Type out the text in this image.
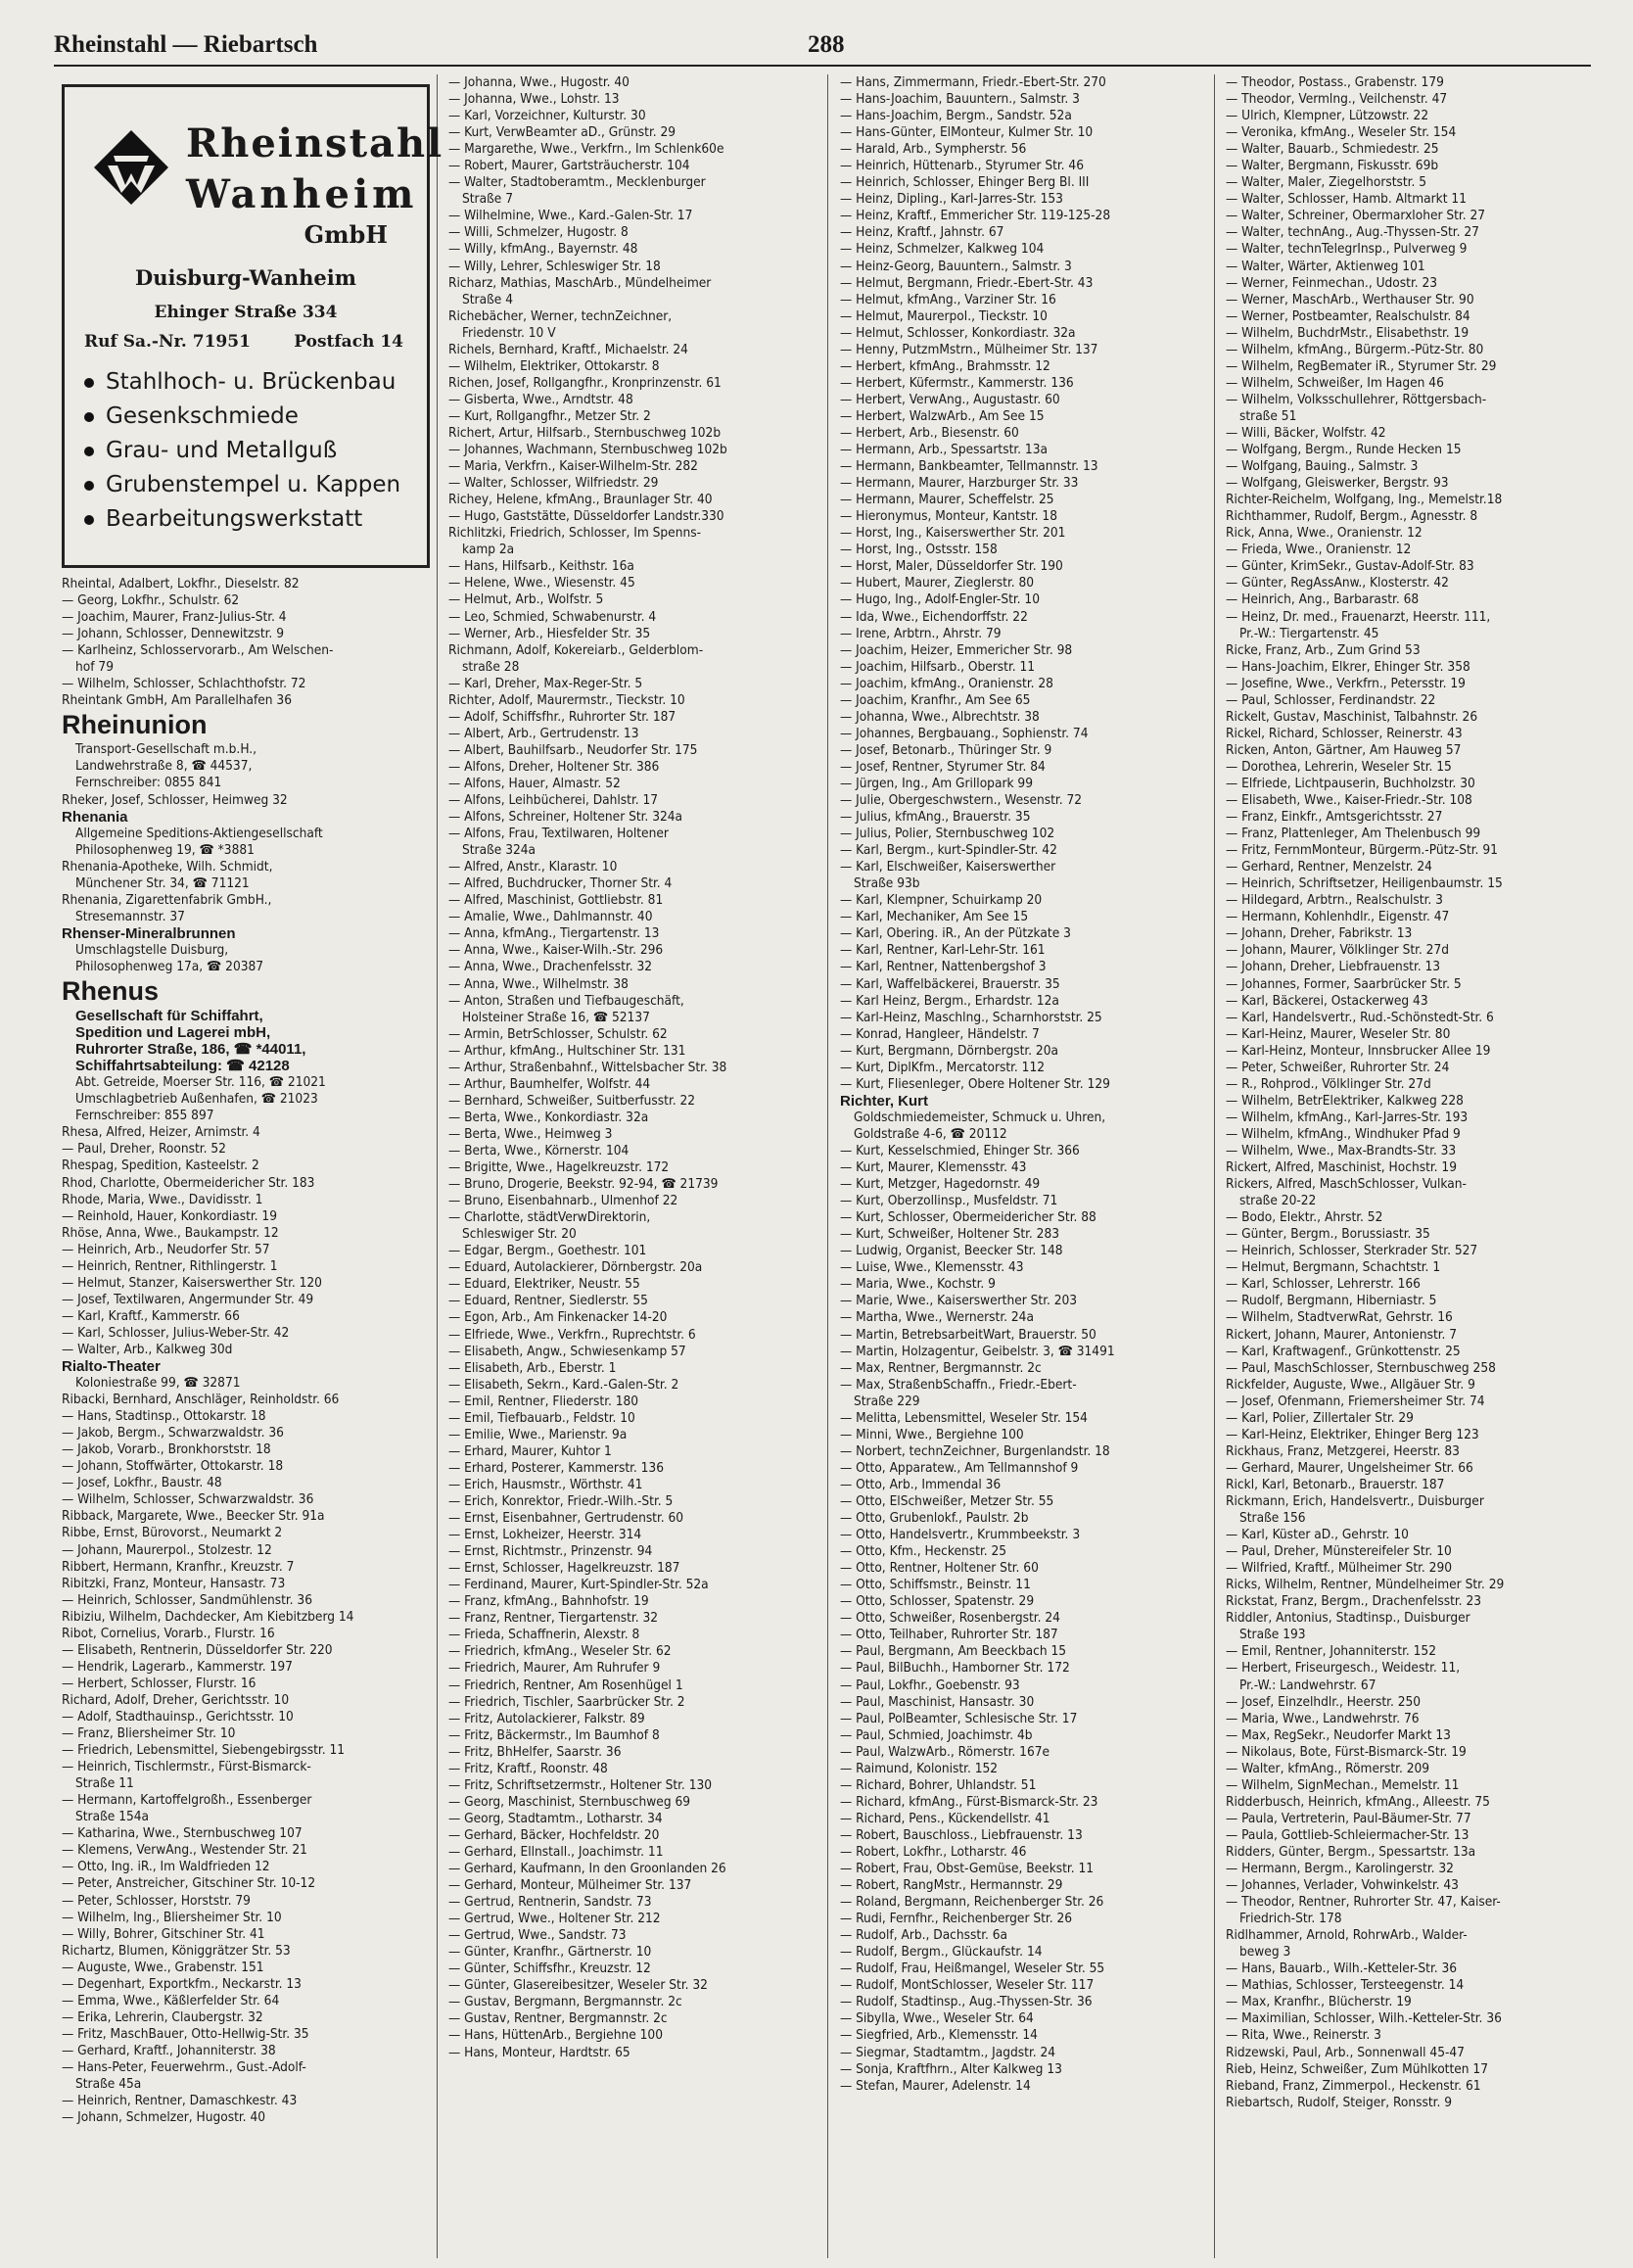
Rheinstahl — Riebartsch	288
Rheinstahl
Wanheim
GmbH
Duisburg-Wanheim
Ehinger Straße 334
Ruf Sa.-Nr. 71951	Postfach 14
Stahlhoch- u. Brückenbau
Gesenkschmiede
Grau- und Metallguß
Grubenstempel u. Kappen
Bearbeitungswerkstatt
Rheintal, Adalbert, Lokfhr., Dieselstr. 82
— Georg, Lokfhr., Schulstr. 62
— Joachim, Maurer, Franz-Julius-Str. 4
— Johann, Schlosser, Dennewitzstr. 9
— Karlheinz, Schlosservorarb., Am Welschen-
hof 79
— Wilhelm, Schlosser, Schlachthofstr. 72
Rheintank GmbH, Am Parallelhafen 36
Rheinunion
Transport-Gesellschaft m.b.H.,
Landwehrstraße 8, ☎ 44537,
Fernschreiber: 0855 841
Rheker, Josef, Schlosser, Heimweg 32
Rhenania
Allgemeine Speditions-Aktiengesellschaft
Philosophenweg 19, ☎ *3881
Rhenania-Apotheke, Wilh. Schmidt,
Münchener Str. 34, ☎ 71121
Rhenania, Zigarettenfabrik GmbH.,
Stresemannstr. 37
Rhenser-Mineralbrunnen
Umschlagstelle Duisburg,
Philosophenweg 17a, ☎ 20387
Rhenus
Gesellschaft für Schiffahrt,
Spedition und Lagerei mbH,
Ruhrorter Straße, 186, ☎ *44011,
Schiffahrtsabteilung: ☎ 42128
Abt. Getreide, Moerser Str. 116, ☎ 21021
Umschlagbetrieb Außenhafen, ☎ 21023
Fernschreiber: 855 897
Rhesa, Alfred, Heizer, Arnimstr. 4
— Paul, Dreher, Roonstr. 52
Rhespag, Spedition, Kasteelstr. 2
Rhod, Charlotte, Obermeidericher Str. 183
Rhode, Maria, Wwe., Davidisstr. 1
— Reinhold, Hauer, Konkordiastr. 19
Rhöse, Anna, Wwe., Baukampstr. 12
— Heinrich, Arb., Neudorfer Str. 57
— Heinrich, Rentner, Rithlingerstr. 1
— Helmut, Stanzer, Kaiserswerther Str. 120
— Josef, Textilwaren, Angermunder Str. 49
— Karl, Kraftf., Kammerstr. 66
— Karl, Schlosser, Julius-Weber-Str. 42
— Walter, Arb., Kalkweg 30d
Rialto-Theater
Koloniestraße 99, ☎ 32871
Ribacki, Bernhard, Anschläger, Reinholdstr. 66
— Hans, Stadtinsp., Ottokarstr. 18
— Jakob, Bergm., Schwarzwaldstr. 36
— Jakob, Vorarb., Bronkhorststr. 18
— Johann, Stoffwärter, Ottokarstr. 18
— Josef, Lokfhr., Baustr. 48
— Wilhelm, Schlosser, Schwarzwaldstr. 36
Ribback, Margarete, Wwe., Beecker Str. 91a
Ribbe, Ernst, Bürovorst., Neumarkt 2
— Johann, Maurerpol., Stolzestr. 12
Ribbert, Hermann, Kranfhr., Kreuzstr. 7
Ribitzki, Franz, Monteur, Hansastr. 73
— Heinrich, Schlosser, Sandmühlenstr. 36
Ribiziu, Wilhelm, Dachdecker, Am Kiebitzberg 14
Ribot, Cornelius, Vorarb., Flurstr. 16
— Elisabeth, Rentnerin, Düsseldorfer Str. 220
— Hendrik, Lagerarb., Kammerstr. 197
— Herbert, Schlosser, Flurstr. 16
Richard, Adolf, Dreher, Gerichtsstr. 10
— Adolf, Stadthauinsp., Gerichtsstr. 10
— Franz, Bliersheimer Str. 10
— Friedrich, Lebensmittel, Siebengebirgsstr. 11
— Heinrich, Tischlermstr., Fürst-Bismarck-
Straße 11
— Hermann, Kartoffelgroßh., Essenberger
Straße 154a
— Katharina, Wwe., Sternbuschweg 107
— Klemens, VerwAng., Westender Str. 21
— Otto, Ing. iR., Im Waldfrieden 12
— Peter, Anstreicher, Gitschiner Str. 10-12
— Peter, Schlosser, Horststr. 79
— Wilhelm, Ing., Bliersheimer Str. 10
— Willy, Bohrer, Gitschiner Str. 41
Richartz, Blumen, Königgrätzer Str. 53
— Auguste, Wwe., Grabenstr. 151
— Degenhart, Exportkfm., Neckarstr. 13
— Emma, Wwe., Käßlerfelder Str. 64
— Erika, Lehrerin, Claubergstr. 32
— Fritz, MaschBauer, Otto-Hellwig-Str. 35
— Gerhard, Kraftf., Johanniterstr. 38
— Hans-Peter, Feuerwehrm., Gust.-Adolf-
Straße 45a
— Heinrich, Rentner, Damaschkestr. 43
— Johann, Schmelzer, Hugostr. 40
— Johanna, Wwe., Hugostr. 40
— Johanna, Wwe., Lohstr. 13
— Karl, Vorzeichner, Kulturstr. 30
— Kurt, VerwBeamter aD., Grünstr. 29
— Margarethe, Wwe., Verkfrn., Im Schlenk60e
— Robert, Maurer, Gartsträucherstr. 104
— Walter, Stadtoberamtm., Mecklenburger
Straße 7
— Wilhelmine, Wwe., Kard.-Galen-Str. 17
— Willi, Schmelzer, Hugostr. 8
— Willy, kfmAng., Bayernstr. 48
— Willy, Lehrer, Schleswiger Str. 18
Richarz, Mathias, MaschArb., Mündelheimer
Straße 4
Richebächer, Werner, technZeichner,
Friedenstr. 10 V
Richels, Bernhard, Kraftf., Michaelstr. 24
— Wilhelm, Elektriker, Ottokarstr. 8
Richen, Josef, Rollgangfhr., Kronprinzenstr. 61
— Gisberta, Wwe., Arndtstr. 48
— Kurt, Rollgangfhr., Metzer Str. 2
Richert, Artur, Hilfsarb., Sternbuschweg 102b
— Johannes, Wachmann, Sternbuschweg 102b
— Maria, Verkfrn., Kaiser-Wilhelm-Str. 282
— Walter, Schlosser, Wilfriedstr. 29
Richey, Helene, kfmAng., Braunlager Str. 40
— Hugo, Gaststätte, Düsseldorfer Landstr.330
Richlitzki, Friedrich, Schlosser, Im Spenns-
kamp 2a
— Hans, Hilfsarb., Keithstr. 16a
— Helene, Wwe., Wiesenstr. 45
— Helmut, Arb., Wolfstr. 5
— Leo, Schmied, Schwabenurstr. 4
— Werner, Arb., Hiesfelder Str. 35
Richmann, Adolf, Kokereiarb., Gelderblom-
straße 28
— Karl, Dreher, Max-Reger-Str. 5
Richter, Adolf, Maurermstr., Tieckstr. 10
— Adolf, Schiffsfhr., Ruhrorter Str. 187
— Albert, Arb., Gertrudenstr. 13
— Albert, Bauhilfsarb., Neudorfer Str. 175
— Alfons, Dreher, Holtener Str. 386
— Alfons, Hauer, Almastr. 52
— Alfons, Leihbücherei, Dahlstr. 17
— Alfons, Schreiner, Holtener Str. 324a
— Alfons, Frau, Textilwaren, Holtener
Straße 324a
— Alfred, Anstr., Klarastr. 10
— Alfred, Buchdrucker, Thorner Str. 4
— Alfred, Maschinist, Gottliebstr. 81
— Amalie, Wwe., Dahlmannstr. 40
— Anna, kfmAng., Tiergartenstr. 13
— Anna, Wwe., Kaiser-Wilh.-Str. 296
— Anna, Wwe., Drachenfelsstr. 32
— Anna, Wwe., Wilhelmstr. 38
— Anton, Straßen und Tiefbaugeschäft,
Holsteiner Straße 16, ☎ 52137
— Armin, BetrSchlosser, Schulstr. 62
— Arthur, kfmAng., Hultschiner Str. 131
— Arthur, Straßenbahnf., Wittelsbacher Str. 38
— Arthur, Baumhelfer, Wolfstr. 44
— Bernhard, Schweißer, Suitberfusstr. 22
— Berta, Wwe., Konkordiastr. 32a
— Berta, Wwe., Heimweg 3
— Berta, Wwe., Körnerstr. 104
— Brigitte, Wwe., Hagelkreuzstr. 172
— Bruno, Drogerie, Beekstr. 92-94, ☎ 21739
— Bruno, Eisenbahnarb., Ulmenhof 22
— Charlotte, städtVerwDirektorin,
Schleswiger Str. 20
— Edgar, Bergm., Goethestr. 101
— Eduard, Autolackierer, Dörnbergstr. 20a
— Eduard, Elektriker, Neustr. 55
— Eduard, Rentner, Siedlerstr. 55
— Egon, Arb., Am Finkenacker 14-20
— Elfriede, Wwe., Verkfrn., Ruprechtstr. 6
— Elisabeth, Angw., Schwiesenkamp 57
— Elisabeth, Arb., Eberstr. 1
— Elisabeth, Sekrn., Kard.-Galen-Str. 2
— Emil, Rentner, Fliederstr. 180
— Emil, Tiefbauarb., Feldstr. 10
— Emilie, Wwe., Marienstr. 9a
— Erhard, Maurer, Kuhtor 1
— Erhard, Posterer, Kammerstr. 136
— Erich, Hausmstr., Wörthstr. 41
— Erich, Konrektor, Friedr.-Wilh.-Str. 5
— Ernst, Eisenbahner, Gertrudenstr. 60
— Ernst, Lokheizer, Heerstr. 314
— Ernst, Richtmstr., Prinzenstr. 94
— Ernst, Schlosser, Hagelkreuzstr. 187
— Ferdinand, Maurer, Kurt-Spindler-Str. 52a
— Franz, kfmAng., Bahnhofstr. 19
— Franz, Rentner, Tiergartenstr. 32
— Frieda, Schaffnerin, Alexstr. 8
— Friedrich, kfmAng., Weseler Str. 62
— Friedrich, Maurer, Am Ruhrufer 9
— Friedrich, Rentner, Am Rosenhügel 1
— Friedrich, Tischler, Saarbrücker Str. 2
— Fritz, Autolackierer, Falkstr. 89
— Fritz, Bäckermstr., Im Baumhof 8
— Fritz, BhHelfer, Saarstr. 36
— Fritz, Kraftf., Roonstr. 48
— Fritz, Schriftsetzermstr., Holtener Str. 130
— Georg, Maschinist, Sternbuschweg 69
— Georg, Stadtamtm., Lotharstr. 34
— Gerhard, Bäcker, Hochfeldstr. 20
— Gerhard, Ellnstall., Joachimstr. 11
— Gerhard, Kaufmann, In den Groonlanden 26
— Gerhard, Monteur, Mülheimer Str. 137
— Gertrud, Rentnerin, Sandstr. 73
— Gertrud, Wwe., Holtener Str. 212
— Gertrud, Wwe., Sandstr. 73
— Günter, Kranfhr., Gärtnerstr. 10
— Günter, Schiffsfhr., Kreuzstr. 12
— Günter, Glasereibesitzer, Weseler Str. 32
— Gustav, Bergmann, Bergmannstr. 2c
— Gustav, Rentner, Bergmannstr. 2c
— Hans, HüttenArb., Bergiehne 100
— Hans, Monteur, Hardtstr. 65
— Hans, Zimmermann, Friedr.-Ebert-Str. 270
— Hans-Joachim, Bauuntern., Salmstr. 3
— Hans-Joachim, Bergm., Sandstr. 52a
— Hans-Günter, ElMonteur, Kulmer Str. 10
— Harald, Arb., Sympherstr. 56
— Heinrich, Hüttenarb., Styrumer Str. 46
— Heinrich, Schlosser, Ehinger Berg Bl. III
— Heinz, Dipling., Karl-Jarres-Str. 153
— Heinz, Kraftf., Emmericher Str. 119-125-28
— Heinz, Kraftf., Jahnstr. 67
— Heinz, Schmelzer, Kalkweg 104
— Heinz-Georg, Bauuntern., Salmstr. 3
— Helmut, Bergmann, Friedr.-Ebert-Str. 43
— Helmut, kfmAng., Varziner Str. 16
— Helmut, Maurerpol., Tieckstr. 10
— Helmut, Schlosser, Konkordiastr. 32a
— Henny, PutzmMstrn., Mülheimer Str. 137
— Herbert, kfmAng., Brahmsstr. 12
— Herbert, Küfermstr., Kammerstr. 136
— Herbert, VerwAng., Augustastr. 60
— Herbert, WalzwArb., Am See 15
— Herbert, Arb., Biesenstr. 60
— Hermann, Arb., Spessartstr. 13a
— Hermann, Bankbeamter, Tellmannstr. 13
— Hermann, Maurer, Harzburger Str. 33
— Hermann, Maurer, Scheffelstr. 25
— Hieronymus, Monteur, Kantstr. 18
— Horst, Ing., Kaiserswerther Str. 201
— Horst, Ing., Ostsstr. 158
— Horst, Maler, Düsseldorfer Str. 190
— Hubert, Maurer, Zieglerstr. 80
— Hugo, Ing., Adolf-Engler-Str. 10
— Ida, Wwe., Eichendorffstr. 22
— Irene, Arbtrn., Ahrstr. 79
— Joachim, Heizer, Emmericher Str. 98
— Joachim, Hilfsarb., Oberstr. 11
— Joachim, kfmAng., Oranienstr. 28
— Joachim, Kranfhr., Am See 65
— Johanna, Wwe., Albrechtstr. 38
— Johannes, Bergbauang., Sophienstr. 74
— Josef, Betonarb., Thüringer Str. 9
— Josef, Rentner, Styrumer Str. 84
— Jürgen, Ing., Am Grillopark 99
— Julie, Obergeschwstern., Wesenstr. 72
— Julius, kfmAng., Brauerstr. 35
— Julius, Polier, Sternbuschweg 102
— Karl, Bergm., kurt-Spindler-Str. 42
— Karl, Elschweißer, Kaiserswerther
Straße 93b
— Karl, Klempner, Schuirkamp 20
— Karl, Mechaniker, Am See 15
— Karl, Obering. iR., An der Pützkate 3
— Karl, Rentner, Karl-Lehr-Str. 161
— Karl, Rentner, Nattenbergshof 3
— Karl, Waffelbäckerei, Brauerstr. 35
— Karl Heinz, Bergm., Erhardstr. 12a
— Karl-Heinz, Maschlng., Scharnhorststr. 25
— Konrad, Hangleer, Händelstr. 7
— Kurt, Bergmann, Dörnbergstr. 20a
— Kurt, DiplKfm., Mercatorstr. 112
— Kurt, Fliesenleger, Obere Holtener Str. 129
Richter, Kurt
Goldschmiedemeister, Schmuck u. Uhren,
Goldstraße 4-6, ☎ 20112
— Kurt, Kesselschmied, Ehinger Str. 366
— Kurt, Maurer, Klemensstr. 43
— Kurt, Metzger, Hagedornstr. 49
— Kurt, Oberzollinsp., Musfeldstr. 71
— Kurt, Schlosser, Obermeidericher Str. 88
— Kurt, Schweißer, Holtener Str. 283
— Ludwig, Organist, Beecker Str. 148
— Luise, Wwe., Klemensstr. 43
— Maria, Wwe., Kochstr. 9
— Marie, Wwe., Kaiserswerther Str. 203
— Martha, Wwe., Wernerstr. 24a
— Martin, BetrebsarbeitWart, Brauerstr. 50
— Martin, Holzagentur, Geibelstr. 3, ☎ 31491
— Max, Rentner, Bergmannstr. 2c
— Max, StraßenbSchaffn., Friedr.-Ebert-
Straße 229
— Melitta, Lebensmittel, Weseler Str. 154
— Minni, Wwe., Bergiehne 100
— Norbert, technZeichner, Burgenlandstr. 18
— Otto, Apparatew., Am Tellmannshof 9
— Otto, Arb., Immendal 36
— Otto, ElSchweißer, Metzer Str. 55
— Otto, Grubenlokf., Paulstr. 2b
— Otto, Handelsvertr., Krummbeekstr. 3
— Otto, Kfm., Heckenstr. 25
— Otto, Rentner, Holtener Str. 60
— Otto, Schiffsmstr., Beinstr. 11
— Otto, Schlosser, Spatenstr. 29
— Otto, Schweißer, Rosenbergstr. 24
— Otto, Teilhaber, Ruhrorter Str. 187
— Paul, Bergmann, Am Beeckbach 15
— Paul, BilBuchh., Hamborner Str. 172
— Paul, Lokfhr., Goebenstr. 93
— Paul, Maschinist, Hansastr. 30
— Paul, PolBeamter, Schlesische Str. 17
— Paul, Schmied, Joachimstr. 4b
— Paul, WalzwArb., Römerstr. 167e
— Raimund, Kolonistr. 152
— Richard, Bohrer, Uhlandstr. 51
— Richard, kfmAng., Fürst-Bismarck-Str. 23
— Richard, Pens., Kückendellstr. 41
— Robert, Bauschloss., Liebfrauenstr. 13
— Robert, Lokfhr., Lotharstr. 46
— Robert, Frau, Obst-Gemüse, Beekstr. 11
— Robert, RangMstr., Hermannstr. 29
— Roland, Bergmann, Reichenberger Str. 26
— Rudi, Fernfhr., Reichenberger Str. 26
— Rudolf, Arb., Dachsstr. 6a
— Rudolf, Bergm., Glückaufstr. 14
— Rudolf, Frau, Heißmangel, Weseler Str. 55
— Rudolf, MontSchlosser, Weseler Str. 117
— Rudolf, Stadtinsp., Aug.-Thyssen-Str. 36
— Sibylla, Wwe., Weseler Str. 64
— Siegfried, Arb., Klemensstr. 14
— Siegmar, Stadtamtm., Jagdstr. 24
— Sonja, Kraftfhrn., Alter Kalkweg 13
— Stefan, Maurer, Adelenstr. 14
— Theodor, Postass., Grabenstr. 179
— Theodor, Vermlng., Veilchenstr. 47
— Ulrich, Klempner, Lützowstr. 22
— Veronika, kfmAng., Weseler Str. 154
— Walter, Bauarb., Schmiedestr. 25
— Walter, Bergmann, Fiskusstr. 69b
— Walter, Maler, Ziegelhorststr. 5
— Walter, Schlosser, Hamb. Altmarkt 11
— Walter, Schreiner, Obermarxloher Str. 27
— Walter, technAng., Aug.-Thyssen-Str. 27
— Walter, technTelegrInsp., Pulverweg 9
— Walter, Wärter, Aktienweg 101
— Werner, Feinmechan., Udostr. 23
— Werner, MaschArb., Werthauser Str. 90
— Werner, Postbeamter, Realschulstr. 84
— Wilhelm, BuchdrMstr., Elisabethstr. 19
— Wilhelm, kfmAng., Bürgerm.-Pütz-Str. 80
— Wilhelm, RegBemater iR., Styrumer Str. 29
— Wilhelm, Schweißer, Im Hagen 46
— Wilhelm, Volksschullehrer, Röttgersbach-
straße 51
— Willi, Bäcker, Wolfstr. 42
— Wolfgang, Bergm., Runde Hecken 15
— Wolfgang, Bauing., Salmstr. 3
— Wolfgang, Gleiswerker, Bergstr. 93
Richter-Reichelm, Wolfgang, Ing., Memelstr.18
Richthammer, Rudolf, Bergm., Agnesstr. 8
Rick, Anna, Wwe., Oranienstr. 12
— Frieda, Wwe., Oranienstr. 12
— Günter, KrimSekr., Gustav-Adolf-Str. 83
— Günter, RegAssAnw., Klosterstr. 42
— Heinrich, Ang., Barbarastr. 68
— Heinz, Dr. med., Frauenarzt, Heerstr. 111,
Pr.-W.: Tiergartenstr. 45
Ricke, Franz, Arb., Zum Grind 53
— Hans-Joachim, Elkrer, Ehinger Str. 358
— Josefine, Wwe., Verkfrn., Petersstr. 19
— Paul, Schlosser, Ferdinandstr. 22
Rickelt, Gustav, Maschinist, Talbahnstr. 26
Rickel, Richard, Schlosser, Reinerstr. 43
Ricken, Anton, Gärtner, Am Hauweg 57
— Dorothea, Lehrerin, Weseler Str. 15
— Elfriede, Lichtpauserin, Buchholzstr. 30
— Elisabeth, Wwe., Kaiser-Friedr.-Str. 108
— Franz, Einkfr., Amtsgerichtsstr. 27
— Franz, Plattenleger, Am Thelenbusch 99
— Fritz, FernmMonteur, Bürgerm.-Pütz-Str. 91
— Gerhard, Rentner, Menzelstr. 24
— Heinrich, Schriftsetzer, Heiligenbaumstr. 15
— Hildegard, Arbtrn., Realschulstr. 3
— Hermann, Kohlenhdlr., Eigenstr. 47
— Johann, Dreher, Fabrikstr. 13
— Johann, Maurer, Völklinger Str. 27d
— Johann, Dreher, Liebfrauenstr. 13
— Johannes, Former, Saarbrücker Str. 5
— Karl, Bäckerei, Ostackerweg 43
— Karl, Handelsvertr., Rud.-Schönstedt-Str. 6
— Karl-Heinz, Maurer, Weseler Str. 80
— Karl-Heinz, Monteur, Innsbrucker Allee 19
— Peter, Schweißer, Ruhrorter Str. 24
— R., Rohprod., Völklinger Str. 27d
— Wilhelm, BetrElektriker, Kalkweg 228
— Wilhelm, kfmAng., Karl-Jarres-Str. 193
— Wilhelm, kfmAng., Windhuker Pfad 9
— Wilhelm, Wwe., Max-Brandts-Str. 33
Rickert, Alfred, Maschinist, Hochstr. 19
Rickers, Alfred, MaschSchlosser, Vulkan-
straße 20-22
— Bodo, Elektr., Ahrstr. 52
— Günter, Bergm., Borussiastr. 35
— Heinrich, Schlosser, Sterkrader Str. 527
— Helmut, Bergmann, Schachtstr. 1
— Karl, Schlosser, Lehrerstr. 166
— Rudolf, Bergmann, Hiberniastr. 5
— Wilhelm, StadtverwRat, Gehrstr. 16
Rickert, Johann, Maurer, Antonienstr. 7
— Karl, Kraftwagenf., Grünkottenstr. 25
— Paul, MaschSchlosser, Sternbuschweg 258
Rickfelder, Auguste, Wwe., Allgäuer Str. 9
— Josef, Ofenmann, Friemersheimer Str. 74
— Karl, Polier, Zillertaler Str. 29
— Karl-Heinz, Elektriker, Ehinger Berg 123
Rickhaus, Franz, Metzgerei, Heerstr. 83
— Gerhard, Maurer, Ungelsheimer Str. 66
Rickl, Karl, Betonarb., Brauerstr. 187
Rickmann, Erich, Handelsvertr., Duisburger
Straße 156
— Karl, Küster aD., Gehrstr. 10
— Paul, Dreher, Münstereifeler Str. 10
— Wilfried, Kraftf., Mülheimer Str. 290
Ricks, Wilhelm, Rentner, Mündelheimer Str. 29
Rickstat, Franz, Bergm., Drachenfelsstr. 23
Riddler, Antonius, Stadtinsp., Duisburger
Straße 193
— Emil, Rentner, Johanniterstr. 152
— Herbert, Friseurgesch., Weidestr. 11,
Pr.-W.: Landwehrstr. 67
— Josef, Einzelhdlr., Heerstr. 250
— Maria, Wwe., Landwehrstr. 76
— Max, RegSekr., Neudorfer Markt 13
— Nikolaus, Bote, Fürst-Bismarck-Str. 19
— Walter, kfmAng., Römerstr. 209
— Wilhelm, SignMechan., Memelstr. 11
Ridderbusch, Heinrich, kfmAng., Alleestr. 75
— Paula, Vertreterin, Paul-Bäumer-Str. 77
— Paula, Gottlieb-Schleiermacher-Str. 13
Ridders, Günter, Bergm., Spessartstr. 13a
— Hermann, Bergm., Karolingerstr. 32
— Johannes, Verlader, Vohwinkelstr. 43
— Theodor, Rentner, Ruhrorter Str. 47, Kaiser-
Friedrich-Str. 178
Ridlhammer, Arnold, RohrwArb., Walder-
beweg 3
— Hans, Bauarb., Wilh.-Ketteler-Str. 36
— Mathias, Schlosser, Tersteegenstr. 14
— Max, Kranfhr., Blücherstr. 19
— Maximilian, Schlosser, Wilh.-Ketteler-Str. 36
— Rita, Wwe., Reinerstr. 3
Ridzewski, Paul, Arb., Sonnenwall 45-47
Rieb, Heinz, Schweißer, Zum Mühlkotten 17
Rieband, Franz, Zimmerpol., Heckenstr. 61
Riebartsch, Rudolf, Steiger, Ronsstr. 9
